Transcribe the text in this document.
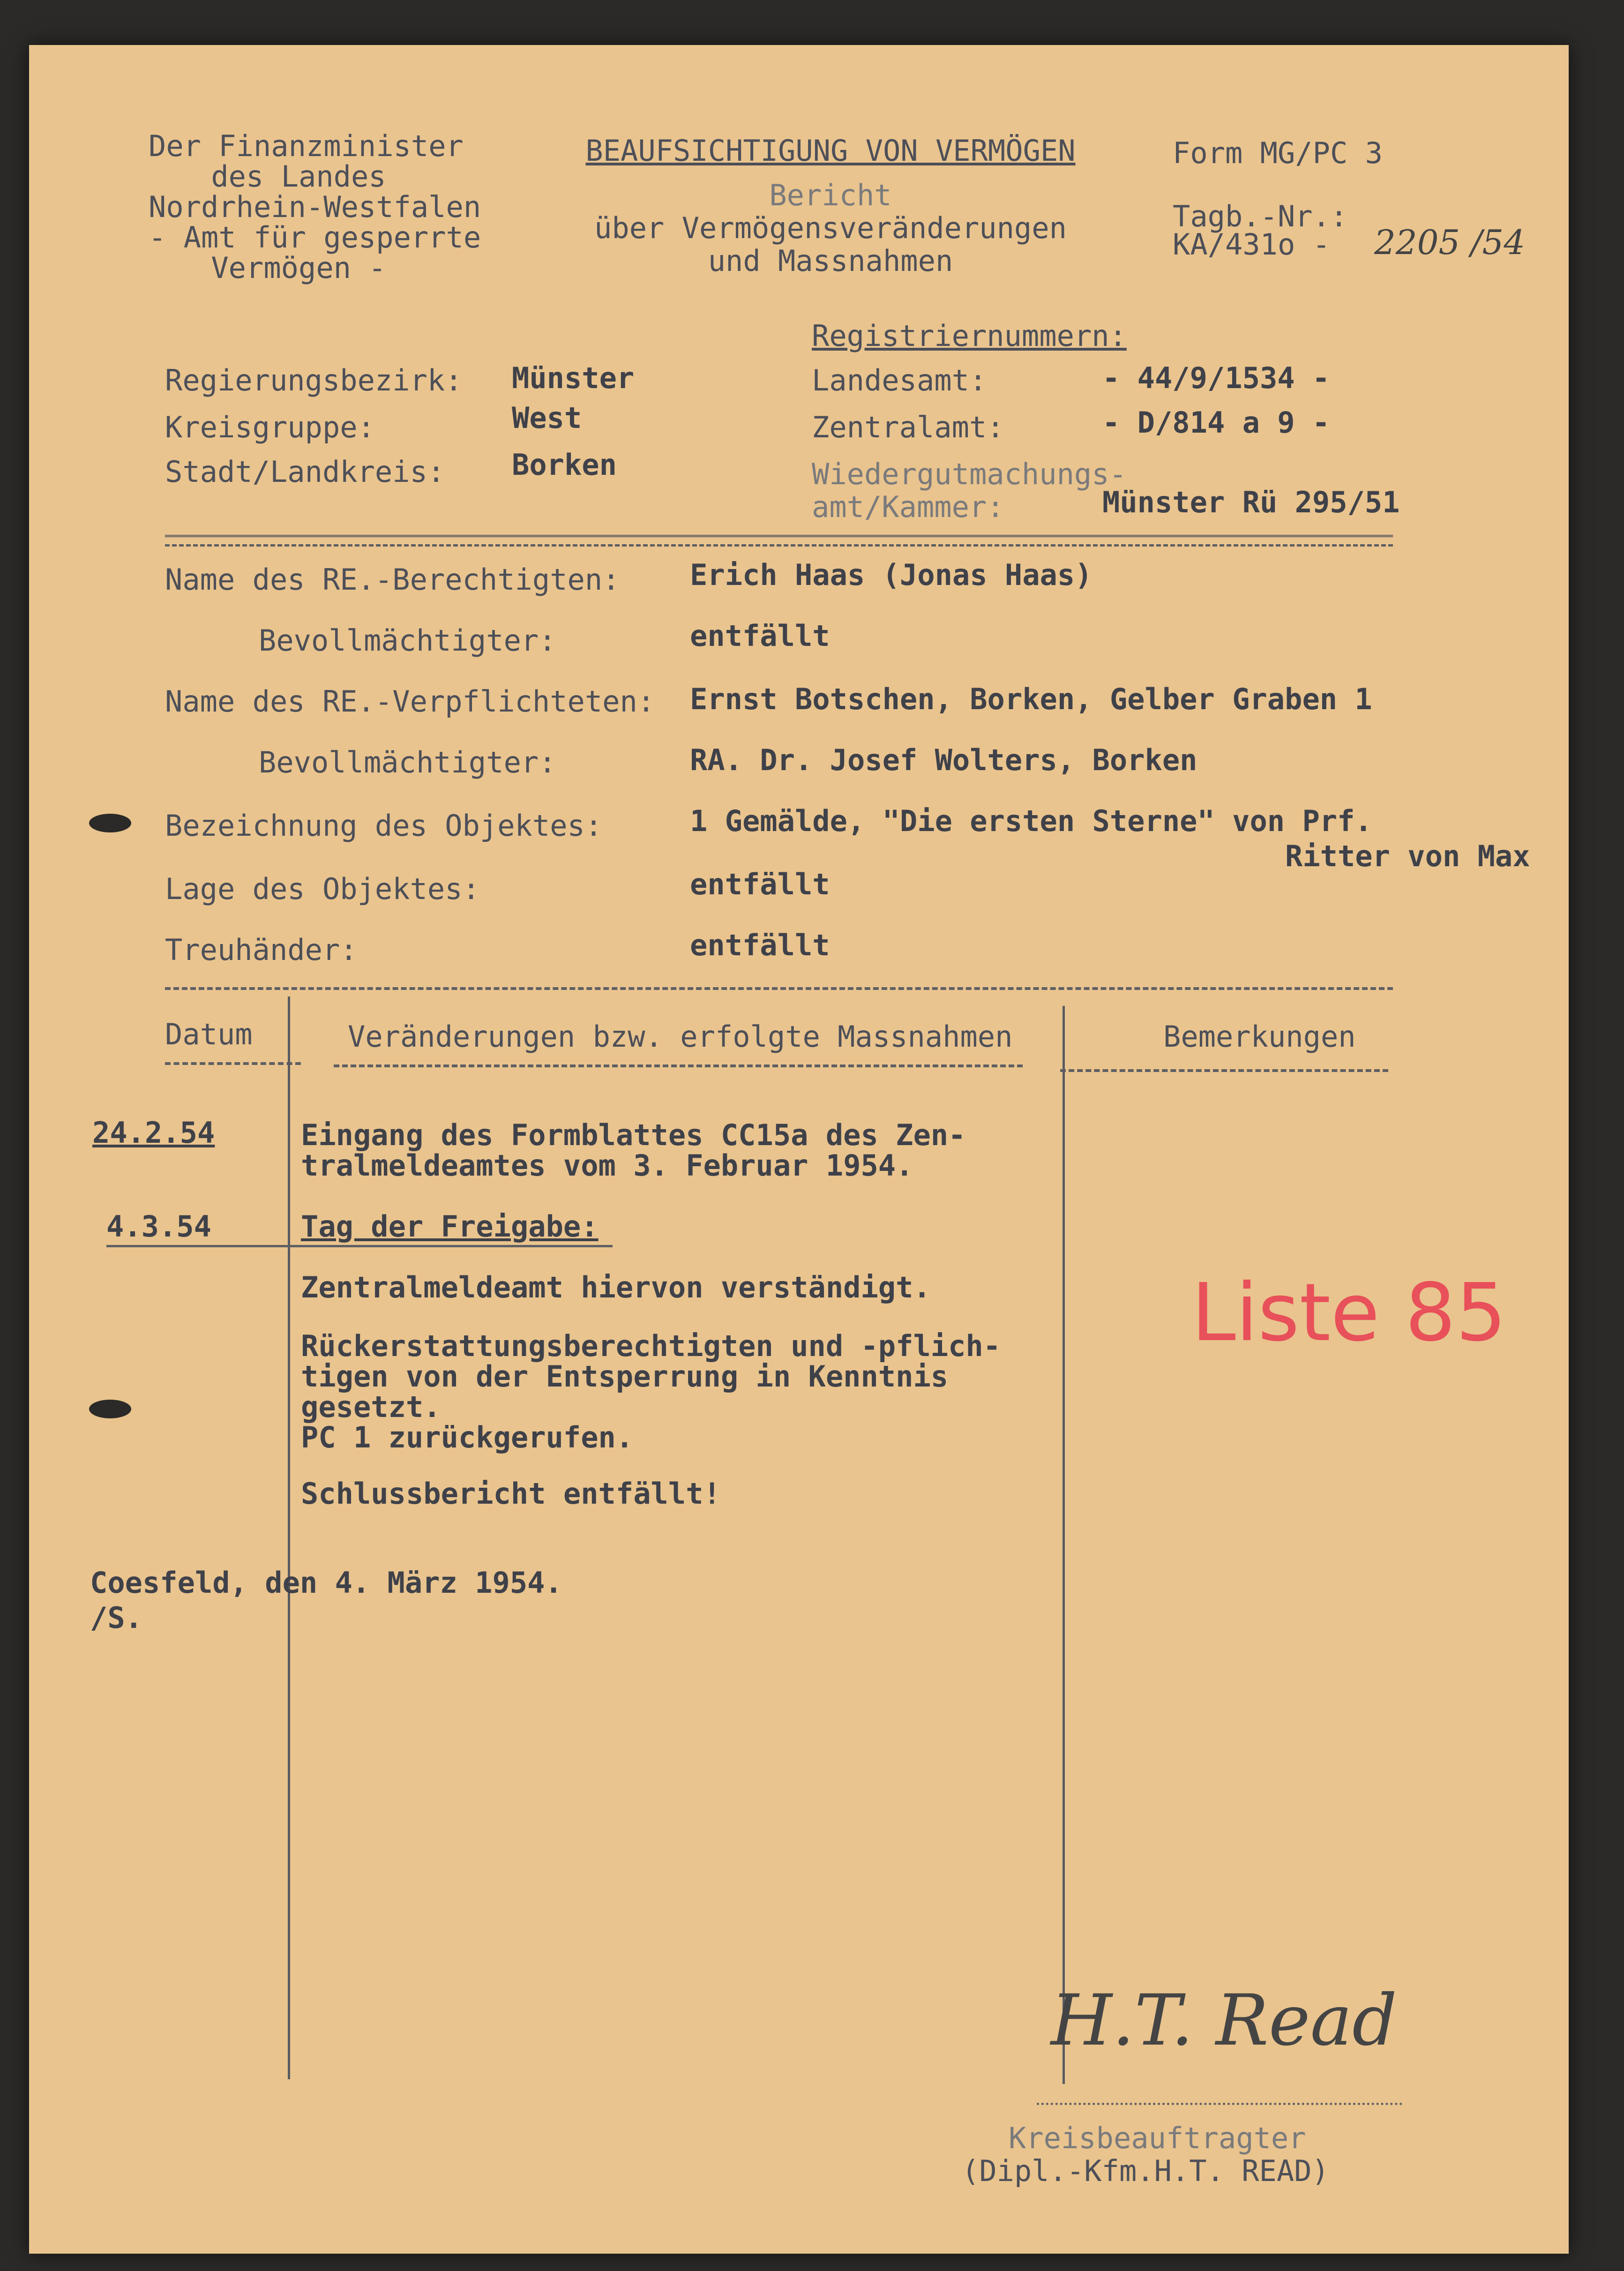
Der Finanzminister
des Landes
Nordrhein-Westfalen
- Amt für gesperrte
Vermögen -
BEAUFSICHTIGUNG VON VERMÖGEN
Bericht
über Vermögensveränderungen
und Massnahmen
Form MG/PC 3
Tagb.-Nr.:
KA/431o - 2205 /54
Registriernummern:
Regierungsbezirk: Münster	Landesamt:	- 44/9/1534 -
Kreisgruppe:	West	Zentralamt:	- D/814 a 9 -
Stadt/Landkreis: Borken	Wiedergutmachungs-
amt/Kammer:	Münster Rü 295/51
Name des RE.-Berechtigten: Erich Haas (Jonas Haas)
Bevollmächtigter:	entfällt
Name des RE.-Verpflichteten: Ernst Botschen, Borken, Gelber Graben 1
Bevollmächtigter:	RA. Dr. Josef Wolters, Borken
Bezeichnung des Objektes:	1 Gemälde, "Die ersten Sterne" von Prf.
Ritter von Max
Lage des Objektes:	entfällt
Treuhänder:	entfällt
Datum	Veränderungen bzw. erfolgte Massnahmen	Bemerkungen
24.2.54	Eingang des Formblattes CC15a des Zen-
tralmeldeamtes vom 3. Februar 1954.
4.3.54	Tag der Freigabe:
Zentralmeldeamt hiervon verständigt.
Rückerstattungsberechtigten und -pflich-
tigen von der Entsperrung in Kenntnis
gesetzt.
PC 1 zurückgerufen.
Schlussbericht entfällt!
Liste 85
Coesfeld, den 4. März 1954.
/S.
H.T. Read
Kreisbeauftragter
(Dipl.-Kfm.H.T. READ)
